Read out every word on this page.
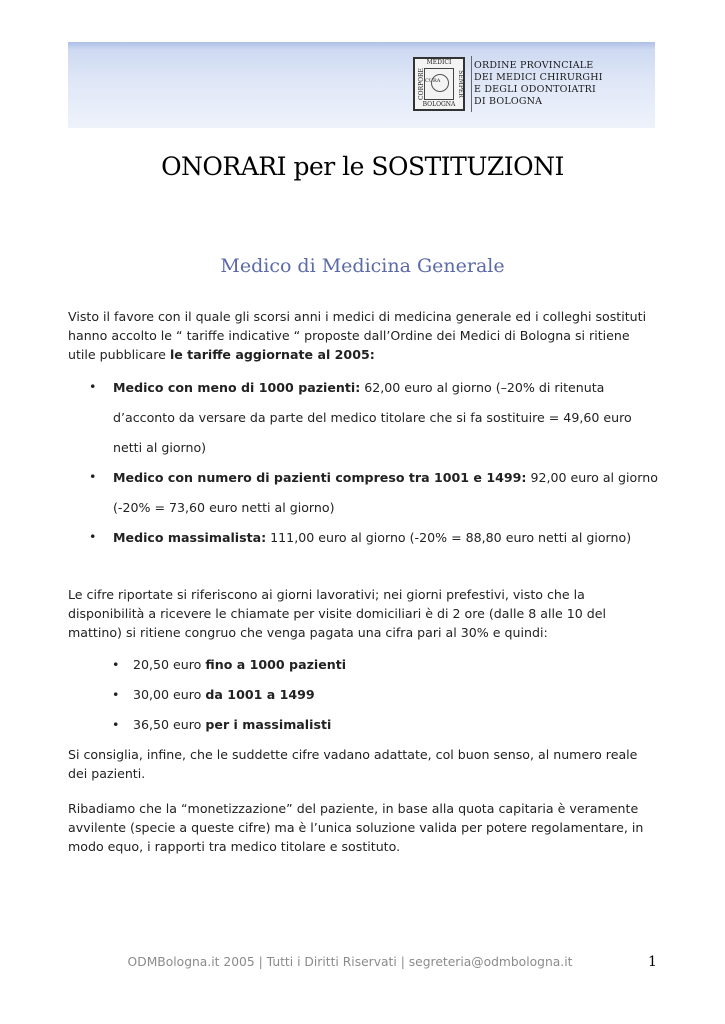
MEDICI
CORPORE	SEMPER
CURA
BOLOGNA
ORDINE PROVINCIALE
DEI MEDICI CHIRURGHI
E DEGLI ODONTOIATRI
DI BOLOGNA
ONORARI per le SOSTITUZIONI
Medico di Medicina Generale
Visto il favore con il quale gli scorsi anni i medici di medicina generale ed i colleghi sostituti hanno accolto le “ tariffe indicative “ proposte dall’Ordine dei Medici di Bologna si ritiene utile pubblicare le tariffe aggiornate al 2005:
• Medico con meno di 1000 pazienti: 62,00 euro al giorno (–20% di ritenuta d’acconto da versare da parte del medico titolare che si fa sostituire = 49,60 euro netti al giorno)
• Medico con numero di pazienti compreso tra 1001 e 1499: 92,00 euro al giorno (-20% = 73,60 euro netti al giorno)
• Medico massimalista: 111,00 euro al giorno (-20% = 88,80 euro netti al giorno)
Le cifre riportate si riferiscono ai giorni lavorativi; nei giorni prefestivi, visto che la disponibilità a ricevere le chiamate per visite domiciliari è di 2 ore (dalle 8 alle 10 del mattino) si ritiene congruo che venga pagata una cifra pari al 30% e quindi:
• 20,50 euro fino a 1000 pazienti
• 30,00 euro da 1001 a 1499
• 36,50 euro per i massimalisti
Si consiglia, infine, che le suddette cifre vadano adattate, col buon senso, al numero reale dei pazienti.
Ribadiamo che la “monetizzazione” del paziente, in base alla quota capitaria è veramente avvilente (specie a queste cifre) ma è l’unica soluzione valida per potere regolamentare, in modo equo, i rapporti tra medico titolare e sostituto.
ODMBologna.it 2005 | Tutti i Diritti Riservati | segreteria@odmbologna.it	1
